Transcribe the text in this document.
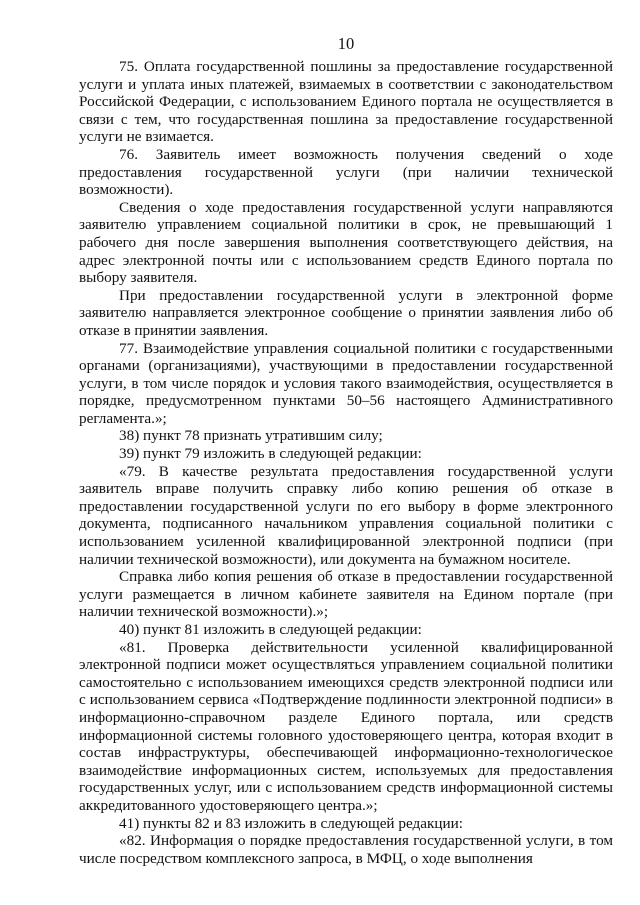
10

75. Оплата государственной пошлины за предоставление государственной услуги и уплата иных платежей, взимаемых в соответствии с законодательством Российской Федерации, с использованием Единого портала не осуществляется в связи с тем, что государственная пошлина за предоставление государственной услуги не взимается.

76. Заявитель имеет возможность получения сведений о ходе предоставления государственной услуги (при наличии технической возможности).

Сведения о ходе предоставления государственной услуги направляются заявителю управлением социальной политики в срок, не превышающий 1 рабочего дня после завершения выполнения соответствующего действия, на адрес электронной почты или с использованием средств Единого портала по выбору заявителя.

При предоставлении государственной услуги в электронной форме заявителю направляется электронное сообщение о принятии заявления либо об отказе в принятии заявления.

77. Взаимодействие управления социальной политики с государственными органами (организациями), участвующими в предоставлении государственной услуги, в том числе порядок и условия такого взаимодействия, осуществляется в порядке, предусмотренном пунктами 50–56 настоящего Административного регламента.»;

38) пункт 78 признать утратившим силу;

39) пункт 79 изложить в следующей редакции:

«79. В качестве результата предоставления государственной услуги заявитель вправе получить справку либо копию решения об отказе в предоставлении государственной услуги по его выбору в форме электронного документа, подписанного начальником управления социальной политики с использованием усиленной квалифицированной электронной подписи (при наличии технической возможности), или документа на бумажном носителе.

Справка либо копия решения об отказе в предоставлении государственной услуги размещается в личном кабинете заявителя на Едином портале (при наличии технической возможности).»;

40) пункт 81 изложить в следующей редакции:

«81. Проверка действительности усиленной квалифицированной электронной подписи может осуществляться управлением социальной политики самостоятельно с использованием имеющихся средств электронной подписи или с использованием сервиса «Подтверждение подлинности электронной подписи» в информационно-справочном разделе Единого портала, или средств информационной системы головного удостоверяющего центра, которая входит в состав инфраструктуры, обеспечивающей информационно-технологическое взаимодействие информационных систем, используемых для предоставления государственных услуг, или с использованием средств информационной системы аккредитованного удостоверяющего центра.»;

41) пункты 82 и 83 изложить в следующей редакции:

«82. Информация о порядке предоставления государственной услуги, в том числе посредством комплексного запроса, в МФЦ, о ходе выполнения
